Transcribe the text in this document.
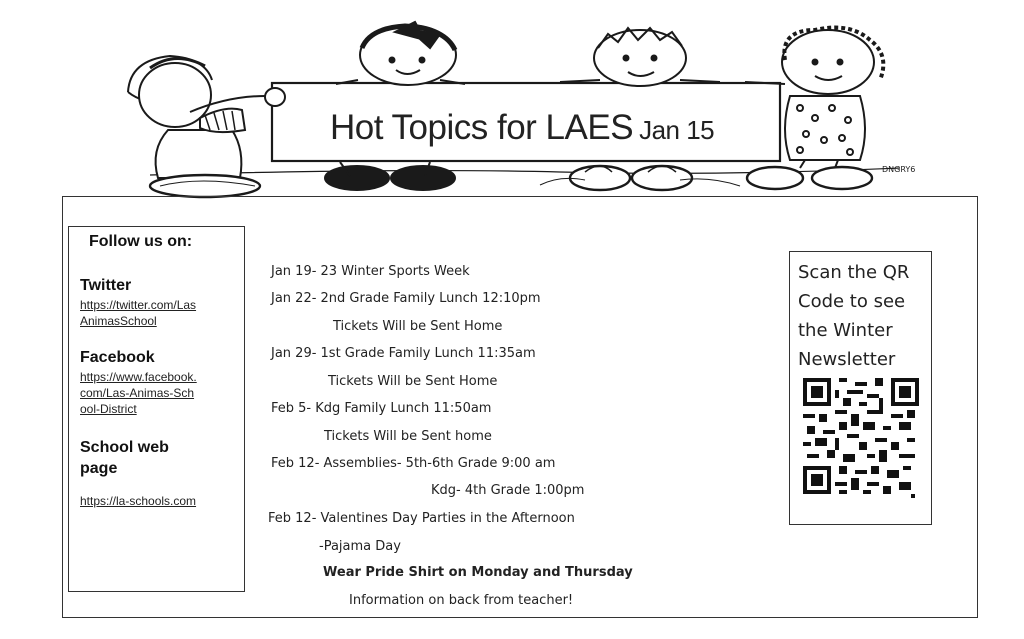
DNGRY6
Hot Topics for LAES Jan 15
Follow us on:
Twitter
https://twitter.com/LasAnimasSchool
Facebook
https://www.facebook.com/Las-Animas-School-District
School web page
https://la-schools.com
Jan 19- 23 Winter Sports Week
Jan 22- 2nd Grade Family Lunch 12:10pm
Tickets Will be Sent Home
Jan 29- 1st Grade Family Lunch 11:35am
Tickets Will be Sent Home
Feb 5- Kdg Family Lunch 11:50am
Tickets Will be Sent home
Feb 12- Assemblies- 5th-6th Grade 9:00 am
Kdg- 4th Grade 1:00pm
Feb 12- Valentines Day Parties in the Afternoon
-Pajama Day
Wear Pride Shirt on Monday and Thursday
Information on back from teacher!
Scan the QR Code to see the Winter Newsletter
